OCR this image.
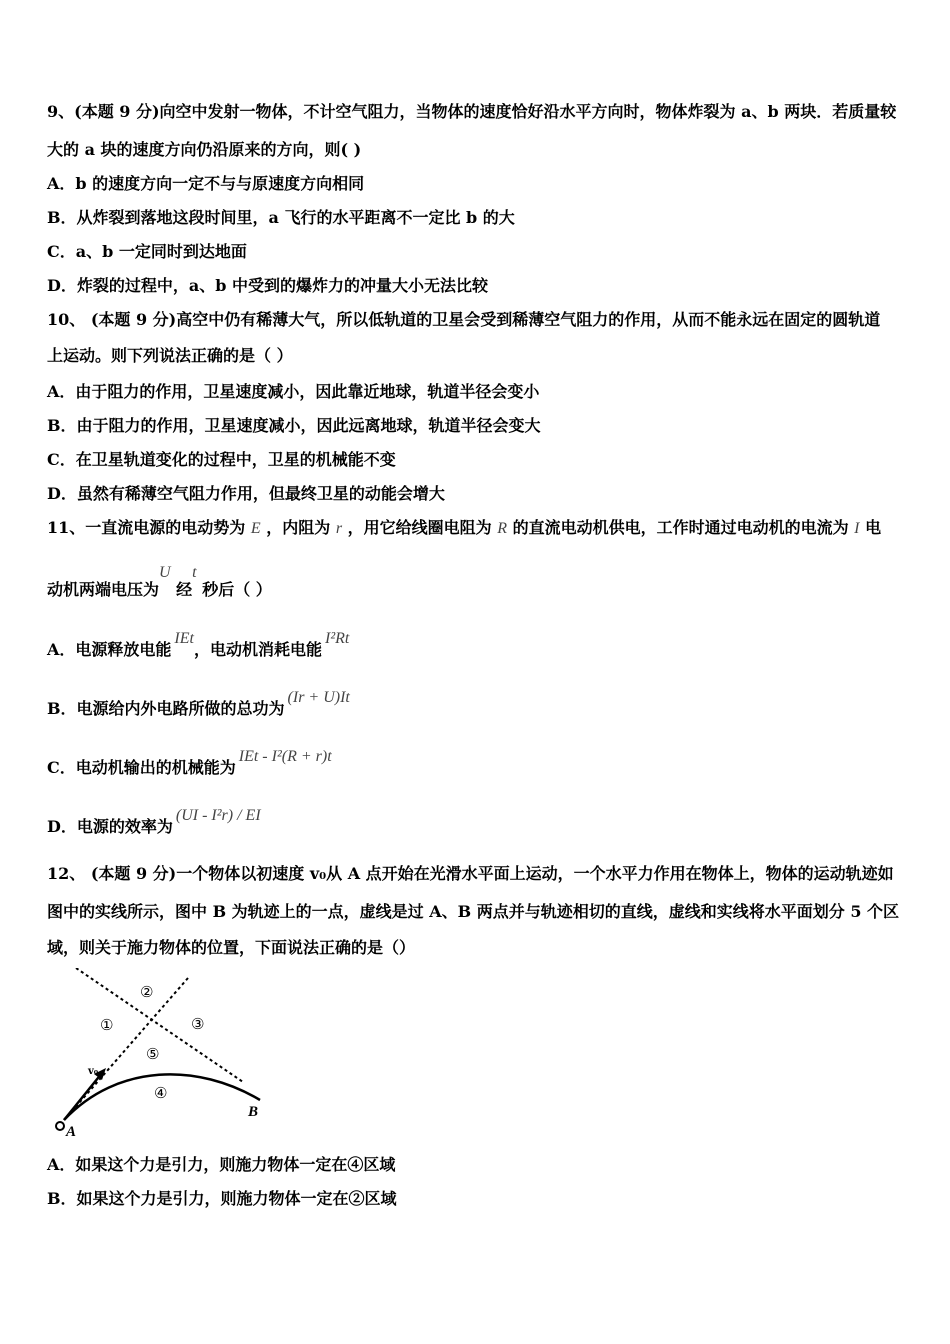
9、(本题 9 分)向空中发射一物体，不计空气阻力，当物体的速度恰好沿水平方向时，物体炸裂为 a、b 两块．若质量较
大的 a 块的速度方向仍沿原来的方向，则( )
A．b 的速度方向一定不与与原速度方向相同
B．从炸裂到落地这段时间里，a 飞行的水平距离不一定比 b 的大
C．a、b 一定同时到达地面
D．炸裂的过程中，a、b 中受到的爆炸力的冲量大小无法比较
10、 (本题 9 分)高空中仍有稀薄大气，所以低轨道的卫星会受到稀薄空气阻力的作用，从而不能永远在固定的圆轨道
上运动。则下列说法正确的是（ ）
A．由于阻力的作用，卫星速度减小，因此靠近地球，轨道半径会变小
B．由于阻力的作用，卫星速度减小，因此远离地球，轨道半径会变大
C．在卫星轨道变化的过程中，卫星的机械能不变
D．虽然有稀薄空气阻力作用，但最终卫星的动能会增大
11、一直流电源的电动势为 E ，内阻为 r ，用它给线圈电阻为 R 的直流电动机供电，工作时通过电动机的电流为 I 电
动机两端电压为U 经t 秒后（ ）
A．电源释放电能IEt，电动机消耗电能I²Rt
B．电源给内外电路所做的总功为(Ir + U)It
C．电动机输出的机械能为IEt - I²(R + r)t
D．电源的效率为(UI - I²r) / EI
12、 (本题 9 分)一个物体以初速度 v₀从 A 点开始在光滑水平面上运动，一个水平力作用在物体上，物体的运动轨迹如
图中的实线所示，图中 B 为轨迹上的一点，虚线是过 A、B 两点并与轨迹相切的直线，虚线和实线将水平面划分 5 个区
域，则关于施力物体的位置，下面说法正确的是（）
v₀
A
B
②
①	③
⑤
④
A．如果这个力是引力，则施力物体一定在④区域
B．如果这个力是引力，则施力物体一定在②区域
